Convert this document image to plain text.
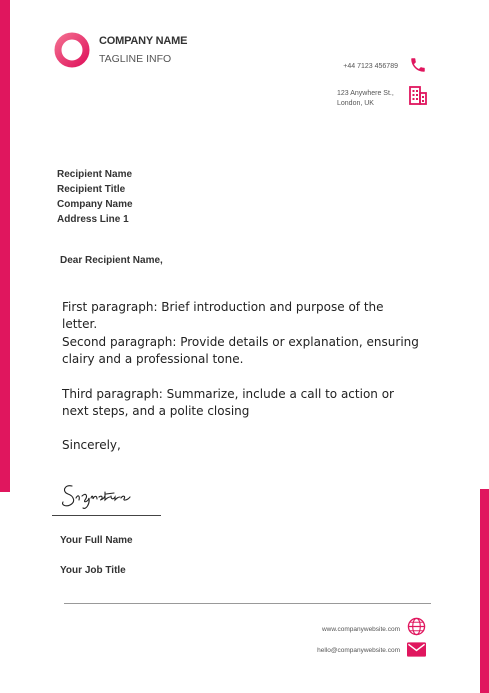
COMPANY NAME
TAGLINE INFO
+44 7123 456789
123 Anywhere St.,
London, UK
Recipient Name
Recipient Title
Company Name
Address Line 1
Dear Recipient Name,
First paragraph: Brief introduction and purpose of the letter.
Second paragraph: Provide details or explanation, ensuring clairy and a professional tone.
Third paragraph: Summarize, include a call to action or next steps, and a polite closing
Sincerely,
Your Full Name
Your Job Title
www.companywebsite.com
hello@companywebsite.com
